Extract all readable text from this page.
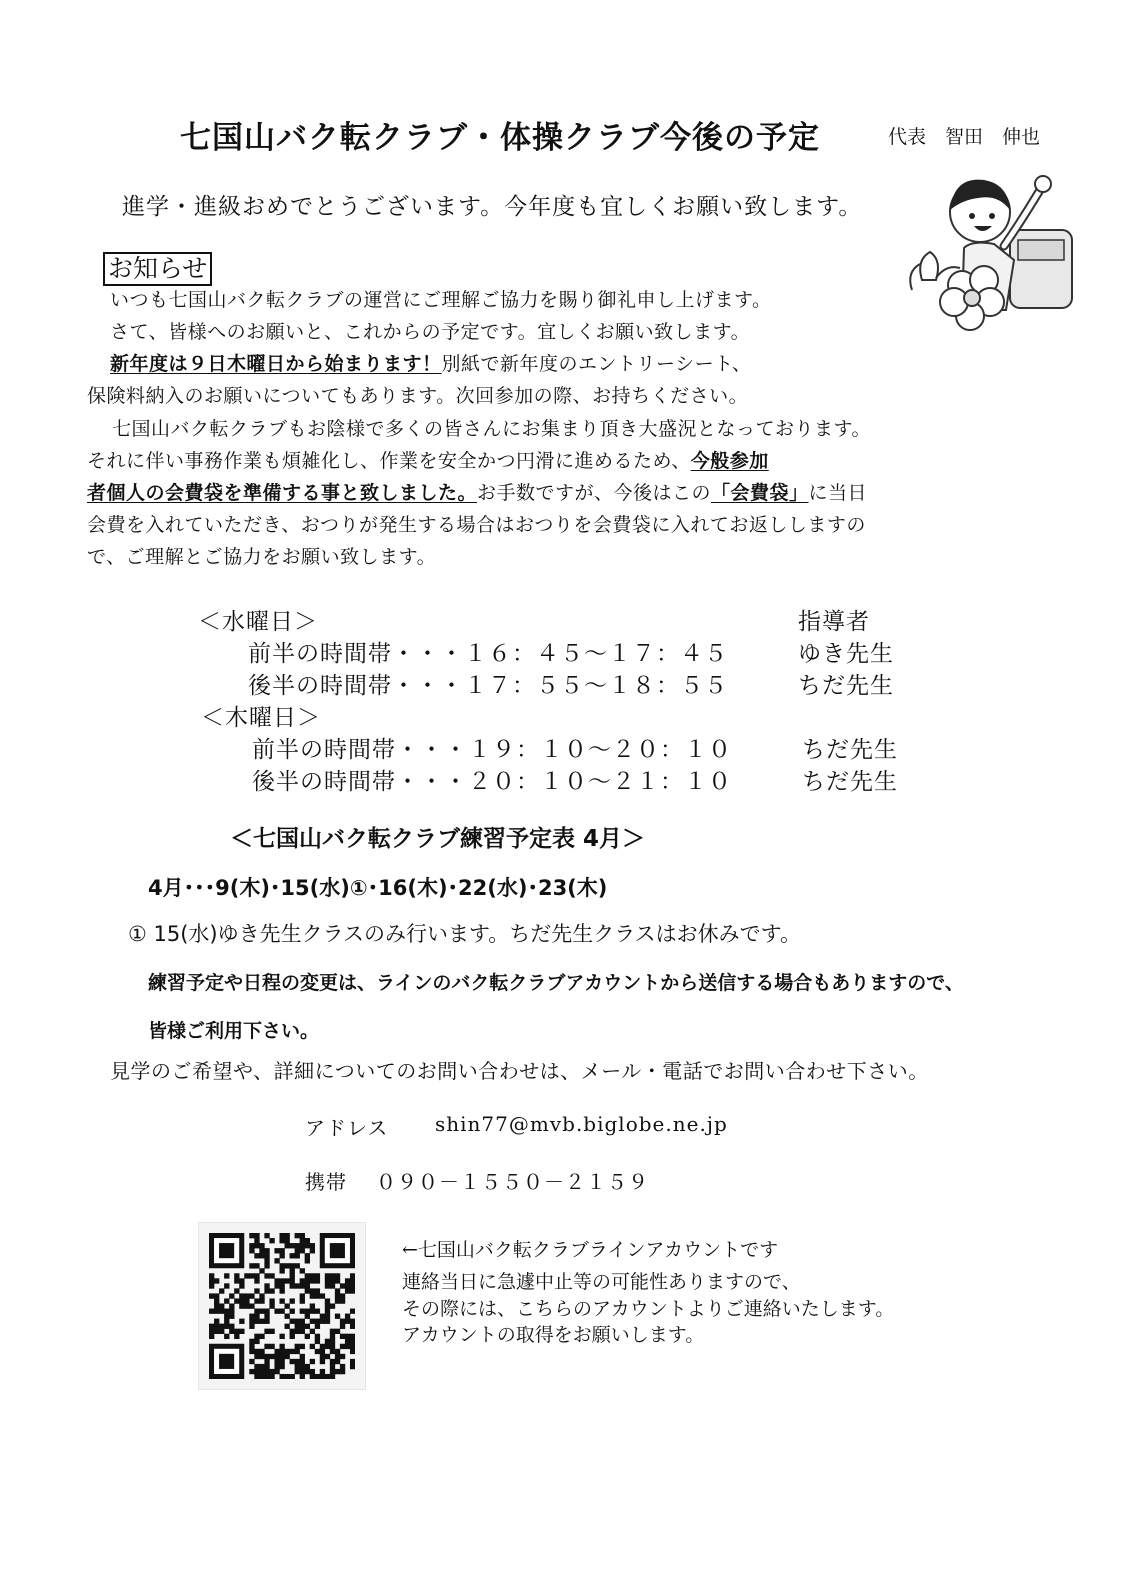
七国山バク転クラブ・体操クラブ今後の予定	代表　智田　伸也
進学・進級おめでとうございます。今年度も宜しくお願い致します。
お知らせ
いつも七国山バク転クラブの運営にご理解ご協力を賜り御礼申し上げます。
さて、皆様へのお願いと、これからの予定です。宜しくお願い致します。
新年度は９日木曜日から始まります！別紙で新年度のエントリーシート、
保険料納入のお願いについてもあります。次回参加の際、お持ちください。
七国山バク転クラブもお陰様で多くの皆さんにお集まり頂き大盛況となっております。
それに伴い事務作業も煩雑化し、作業を安全かつ円滑に進めるため、今般参加
者個人の会費袋を準備する事と致しました。お手数ですが、今後はこの「会費袋」に当日
会費を入れていただき、おつりが発生する場合はおつりを会費袋に入れてお返ししますの
で、ご理解とご協力をお願い致します。
＜水曜日＞	指導者
前半の時間帯・・・１６：４５〜１７：４５	ゆき先生
後半の時間帯・・・１７：５５〜１８：５５	ちだ先生
＜木曜日＞
前半の時間帯・・・１９：１０〜２０：１０	ちだ先生
後半の時間帯・・・２０：１０〜２１：１０	ちだ先生
＜七国山バク転クラブ練習予定表 4月＞
4月･･･9(木)･15(水)①･16(木)･22(水)･23(木)
① 15(水)ゆき先生クラスのみ行います。ちだ先生クラスはお休みです。
練習予定や日程の変更は、ラインのバク転クラブアカウントから送信する場合もありますので、
皆様ご利用下さい。
見学のご希望や、詳細についてのお問い合わせは、メール・電話でお問い合わせ下さい。
アドレス shin77@mvb.biglobe.ne.jp
携帯 ０９０－１５５０－２１５９
←七国山バク転クラブラインアカウントです
連絡当日に急遽中止等の可能性ありますので、
その際には、こちらのアカウントよりご連絡いたします。
アカウントの取得をお願いします。
